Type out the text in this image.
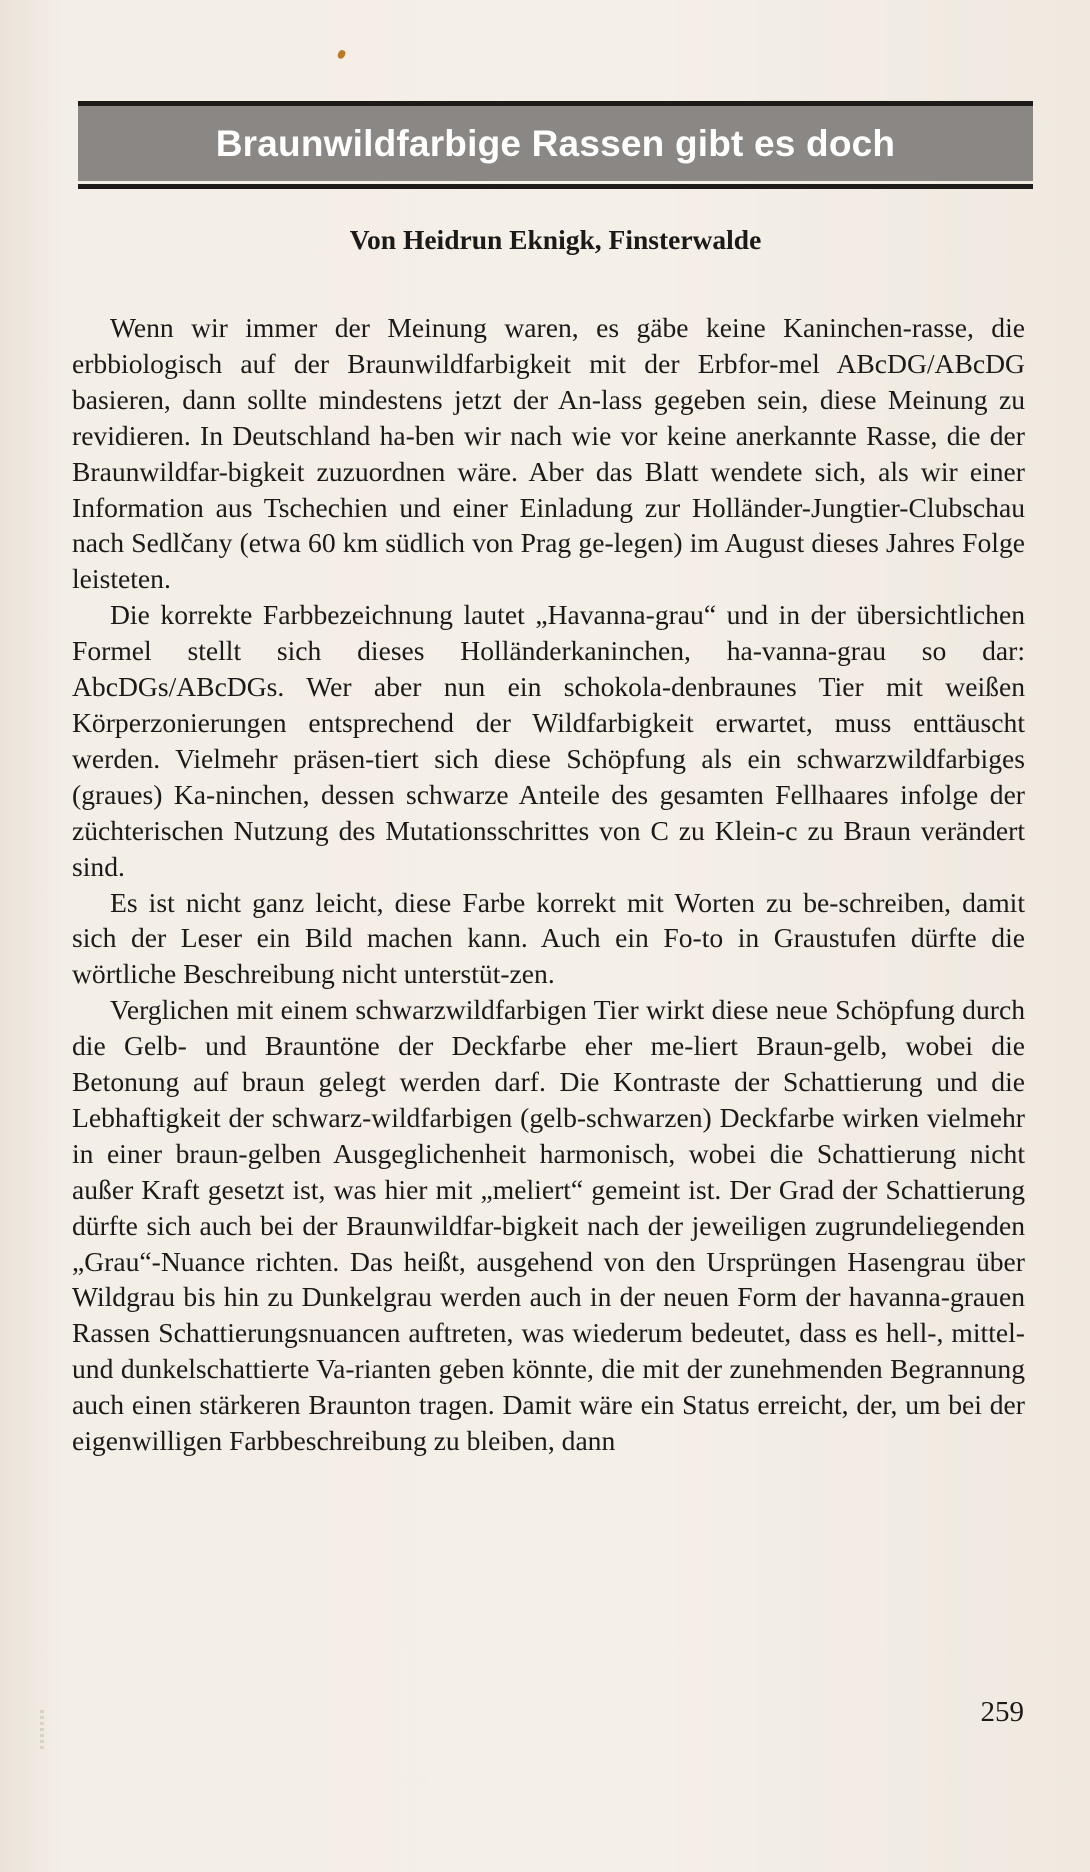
Braunwildfarbige Rassen gibt es doch

Von Heidrun Eknigk, Finsterwalde

Wenn wir immer der Meinung waren, es gäbe keine Kaninchen-rasse, die erbbiologisch auf der Braunwildfarbigkeit mit der Erbfor-mel ABcDG/ABcDG basieren, dann sollte mindestens jetzt der An-lass gegeben sein, diese Meinung zu revidieren. In Deutschland ha-ben wir nach wie vor keine anerkannte Rasse, die der Braunwildfar-bigkeit zuzuordnen wäre. Aber das Blatt wendete sich, als wir einer Information aus Tschechien und einer Einladung zur Holländer-Jungtier-Clubschau nach Sedlčany (etwa 60 km südlich von Prag ge-legen) im August dieses Jahres Folge leisteten.

Die korrekte Farbbezeichnung lautet „Havanna-grau“ und in der übersichtlichen Formel stellt sich dieses Holländerkaninchen, ha-vanna-grau so dar: AbcDGs/ABcDGs. Wer aber nun ein schokola-denbraunes Tier mit weißen Körperzonierungen entsprechend der Wildfarbigkeit erwartet, muss enttäuscht werden. Vielmehr präsen-tiert sich diese Schöpfung als ein schwarzwildfarbiges (graues) Ka-ninchen, dessen schwarze Anteile des gesamten Fellhaares infolge der züchterischen Nutzung des Mutationsschrittes von C zu Klein-c zu Braun verändert sind.

Es ist nicht ganz leicht, diese Farbe korrekt mit Worten zu be-schreiben, damit sich der Leser ein Bild machen kann. Auch ein Fo-to in Graustufen dürfte die wörtliche Beschreibung nicht unterstüt-zen.

Verglichen mit einem schwarzwildfarbigen Tier wirkt diese neue Schöpfung durch die Gelb- und Brauntöne der Deckfarbe eher me-liert Braun-gelb, wobei die Betonung auf braun gelegt werden darf. Die Kontraste der Schattierung und die Lebhaftigkeit der schwarz-wildfarbigen (gelb-schwarzen) Deckfarbe wirken vielmehr in einer braun-gelben Ausgeglichenheit harmonisch, wobei die Schattierung nicht außer Kraft gesetzt ist, was hier mit „meliert“ gemeint ist. Der Grad der Schattierung dürfte sich auch bei der Braunwildfar-bigkeit nach der jeweiligen zugrundeliegenden „Grau“-Nuance richten. Das heißt, ausgehend von den Ursprüngen Hasengrau über Wildgrau bis hin zu Dunkelgrau werden auch in der neuen Form der havanna-grauen Rassen Schattierungsnuancen auftreten, was wiederum bedeutet, dass es hell-, mittel- und dunkelschattierte Va-rianten geben könnte, die mit der zunehmenden Begrannung auch einen stärkeren Braunton tragen. Damit wäre ein Status erreicht, der, um bei der eigenwilligen Farbbeschreibung zu bleiben, dann

259
